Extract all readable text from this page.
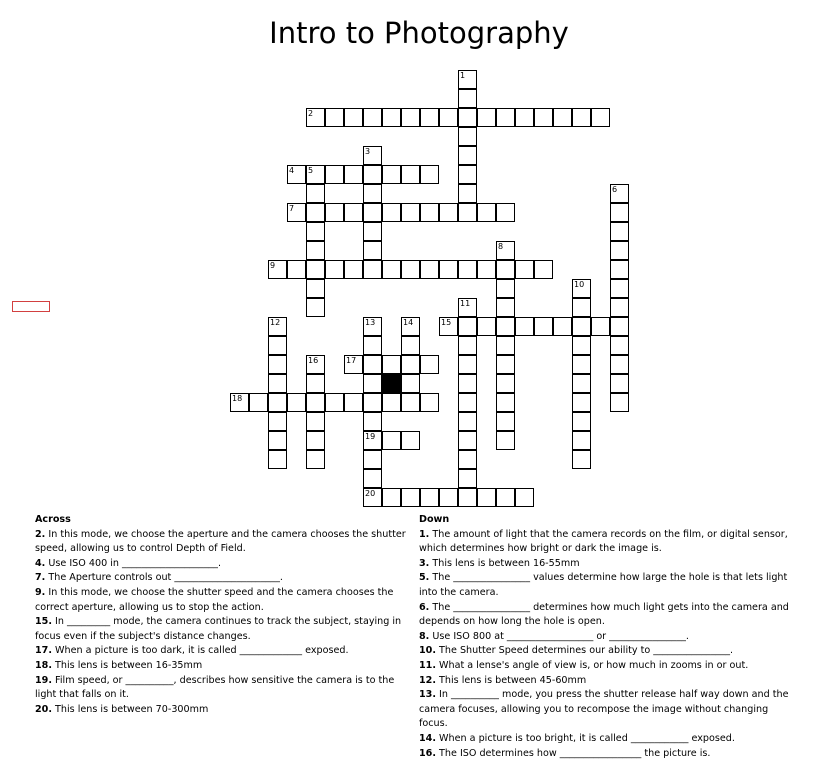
Intro to Photography
2
4 5
7
9
15
17
18
19
20
1
3
6
8
10
11
12	13	14
16
Across
2. In this mode, we choose the aperture and the camera chooses the shutter speed, allowing us to control Depth of Field.
4. Use ISO 400 in ____________________.
7. The Aperture controls out ______________________.
9. In this mode, we choose the shutter speed and the camera chooses the correct aperture, allowing us to stop the action.
15. In _________ mode, the camera continues to track the subject, staying in focus even if the subject's distance changes.
17. When a picture is too dark, it is called _____________ exposed.
18. This lens is between 16-35mm
19. Film speed, or __________, describes how sensitive the camera is to the light that falls on it.
20. This lens is between 70-300mm
Down
1. The amount of light that the camera records on the film, or digital sensor, which determines how bright or dark the image is.
3. This lens is between 16-55mm
5. The ________________ values determine how large the hole is that lets light into the camera.
6. The ________________ determines how much light gets into the camera and depends on how long the hole is open.
8. Use ISO 800 at __________________ or ________________.
10. The Shutter Speed determines our ability to ________________.
11. What a lense's angle of view is, or how much in zooms in or out.
12. This lens is between 45-60mm
13. In __________ mode, you press the shutter release half way down and the camera focuses, allowing you to recompose the image without changing focus.
14. When a picture is too bright, it is called ____________ exposed.
16. The ISO determines how _________________ the picture is.
